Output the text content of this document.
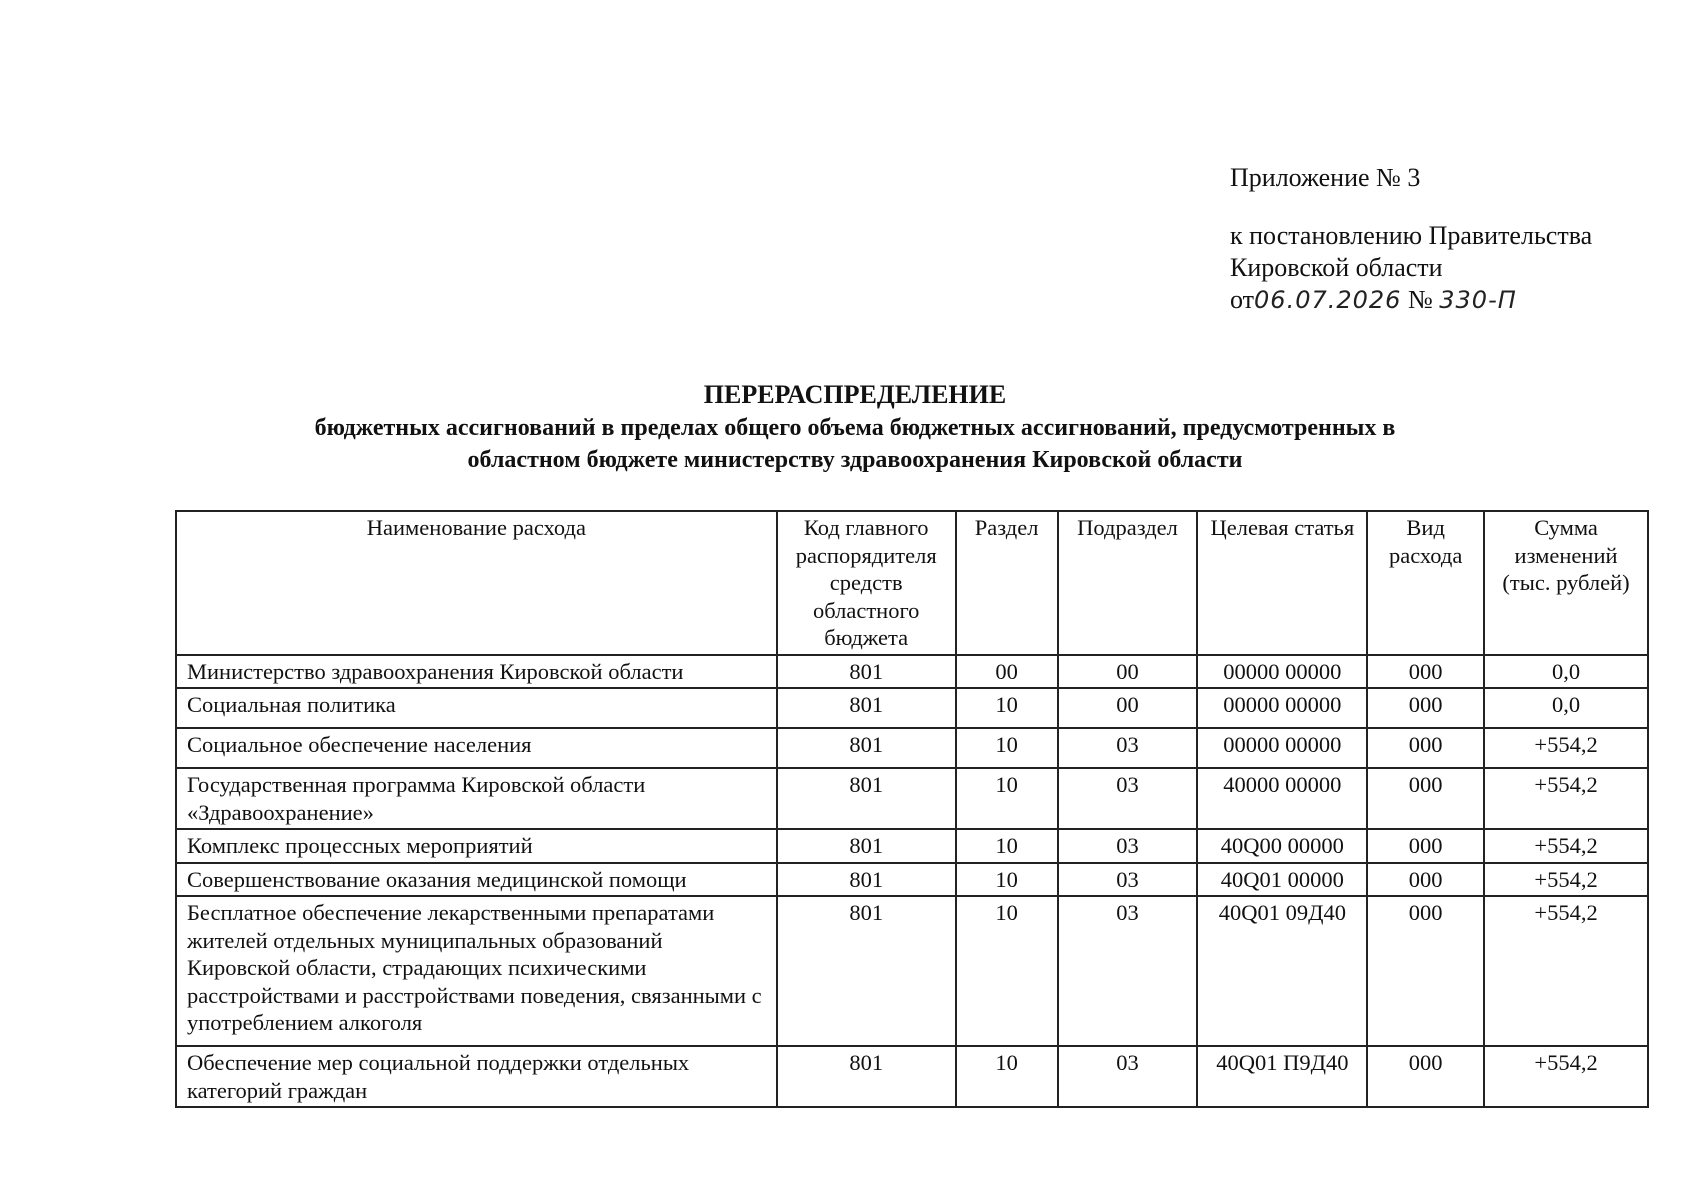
Приложение № 3
к постановлению Правительства
Кировской области
от06.07.2026 № 330-П
ПЕРЕРАСПРЕДЕЛЕНИЕ
бюджетных ассигнований в пределах общего объема бюджетных ассигнований, предусмотренных в
областном бюджете министерству здравоохранения Кировской области
Наименование расхода	Код главного распорядителя средств областного бюджета	Раздел	Подраздел	Целевая статья	Вид расхода	Сумма изменений (тыс. рублей)
Министерство здравоохранения Кировской области	801	00	00	00000 00000	000	0,0
Социальная политика	801	10	00	00000 00000	000	0,0
Социальное обеспечение населения	801	10	03	00000 00000	000	+554,2
Государственная программа Кировской области «Здравоохранение»	801	10	03	40000 00000	000	+554,2
Комплекс процессных мероприятий	801	10	03	40Q00 00000	000	+554,2
Совершенствование оказания медицинской помощи	801	10	03	40Q01 00000	000	+554,2
Бесплатное обеспечение лекарственными препаратами жителей отдельных муниципальных образований Кировской области, страдающих психическими расстройствами и расстройствами поведения, связанными с употреблением алкоголя	801	10	03	40Q01 09Д40	000	+554,2
Обеспечение мер социальной поддержки отдельных категорий граждан	801	10	03	40Q01 П9Д40	000	+554,2
